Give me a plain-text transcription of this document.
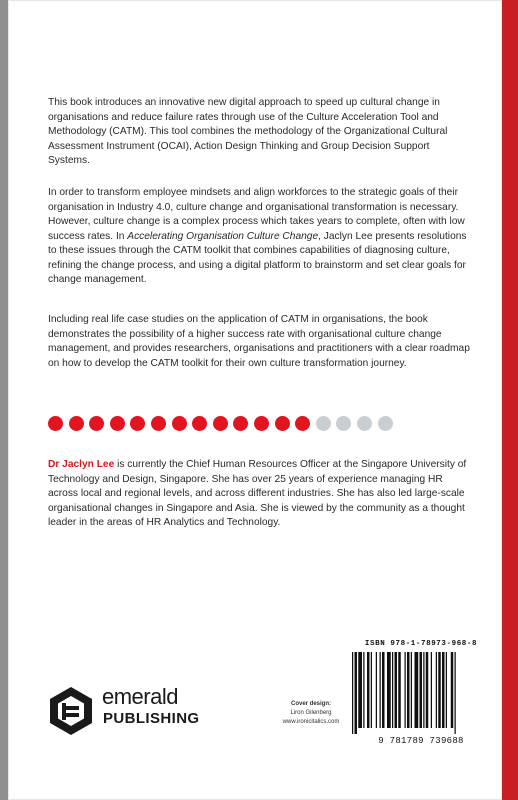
This book introduces an innovative new digital approach to speed up cultural change in organisations and reduce failure rates through use of the Culture Acceleration Tool and Methodology (CATM). This tool combines the methodology of the Organizational Cultural Assessment Instrument (OCAI), Action Design Thinking and Group Decision Support Systems.

In order to transform employee mindsets and align workforces to the strategic goals of their organisation in Industry 4.0, culture change and organisational transformation is necessary. However, culture change is a complex process which takes years to complete, often with low success rates. In Accelerating Organisation Culture Change, Jaclyn Lee presents resolutions to these issues through the CATM toolkit that combines capabilities of diagnosing culture, refining the change process, and using a digital platform to brainstorm and set clear goals for change management.

Including real life case studies on the application of CATM in organisations, the book demonstrates the possibility of a higher success rate with organisational culture change management, and provides researchers, organisations and practitioners with a clear roadmap on how to develop the CATM toolkit for their own culture transformation journey.

Dr Jaclyn Lee is currently the Chief Human Resources Officer at the Singapore University of Technology and Design, Singapore. She has over 25 years of experience managing HR across local and regional levels, and across different industries. She has also led large-scale organisational changes in Singapore and Asia. She is viewed by the community as a thought leader in the areas of HR Analytics and Technology.

emerald
PUBLISHING
Cover design:
Liron Gilenberg
www.ironicitalics.com
ISBN 978-1-78973-968-8
9 781789 739688
